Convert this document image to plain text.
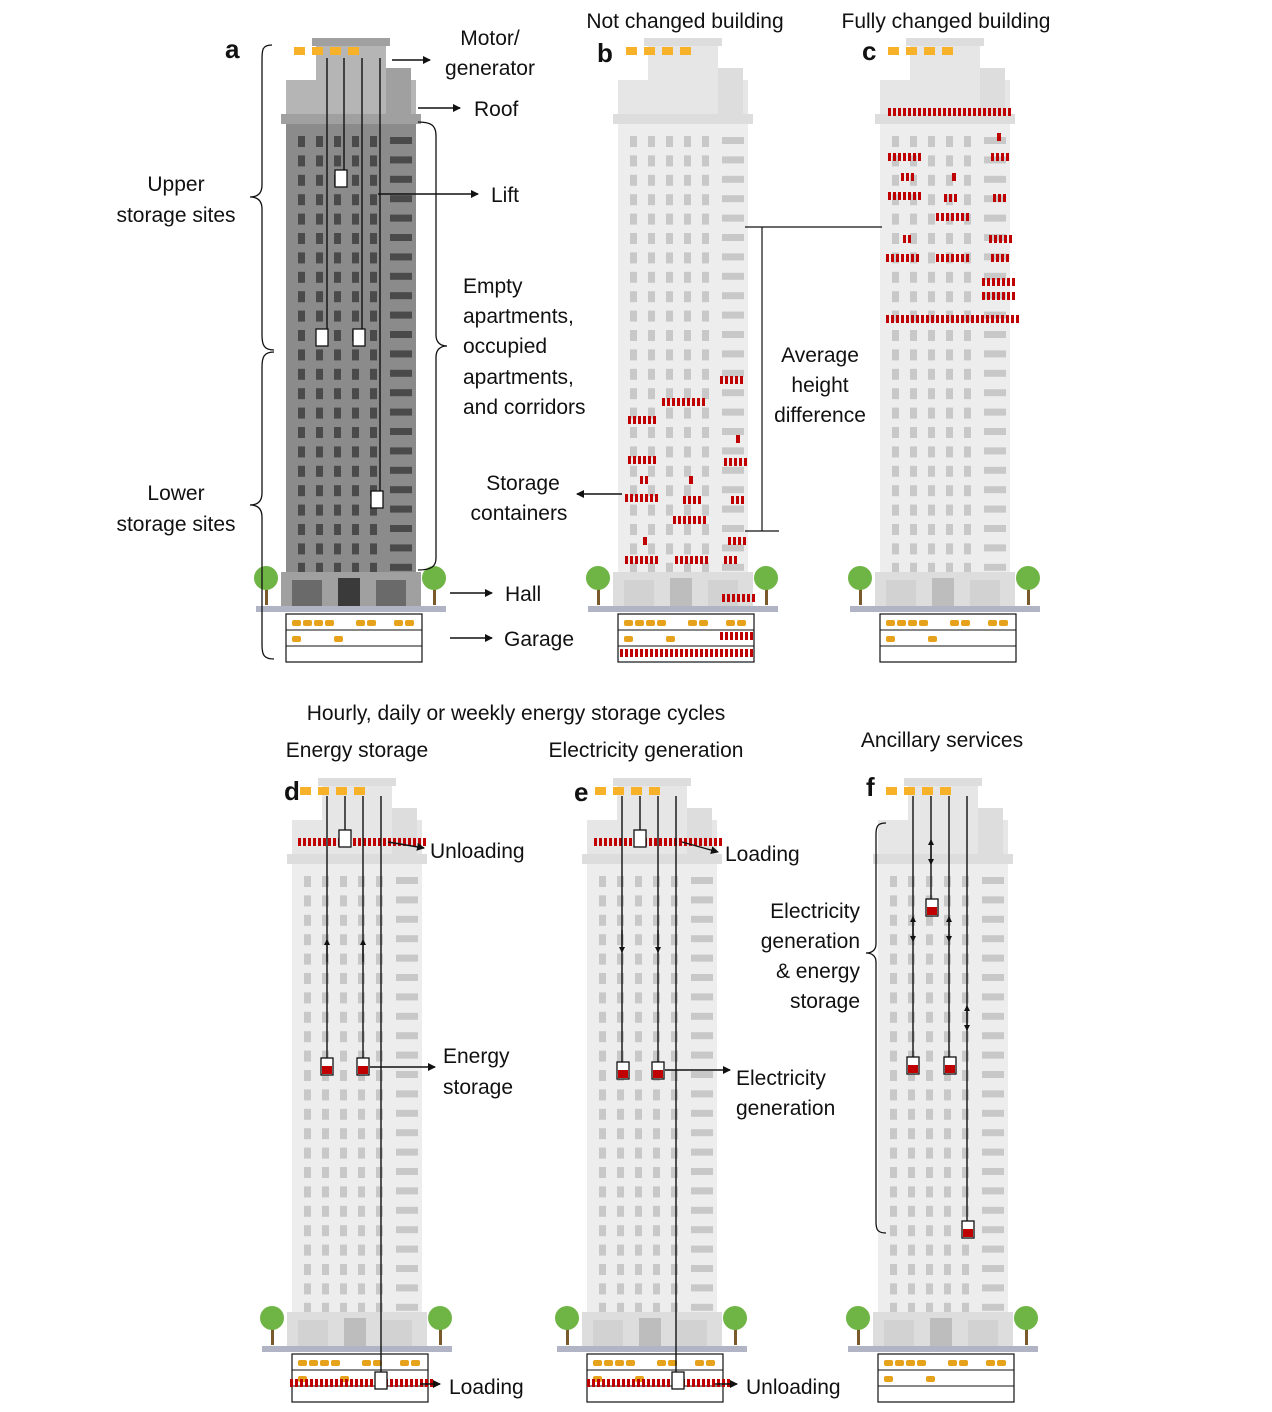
a	b	c
d	e	f
Not changed building	Fully changed building
Hourly, daily or weekly energy storage cycles
Energy storage	Electricity generation	Ancillary services
Motor/
generator
Roof
Lift
Upper
storage sites
Lower
storage sites
Empty
apartments,
occupied
apartments,
and corridors
Storage
containers
Hall
Garage
Average
height
difference
Unloading
Energy
storage
Loading
Loading
Electricity
generation
Unloading
Electricity
generation
& energy
storage
